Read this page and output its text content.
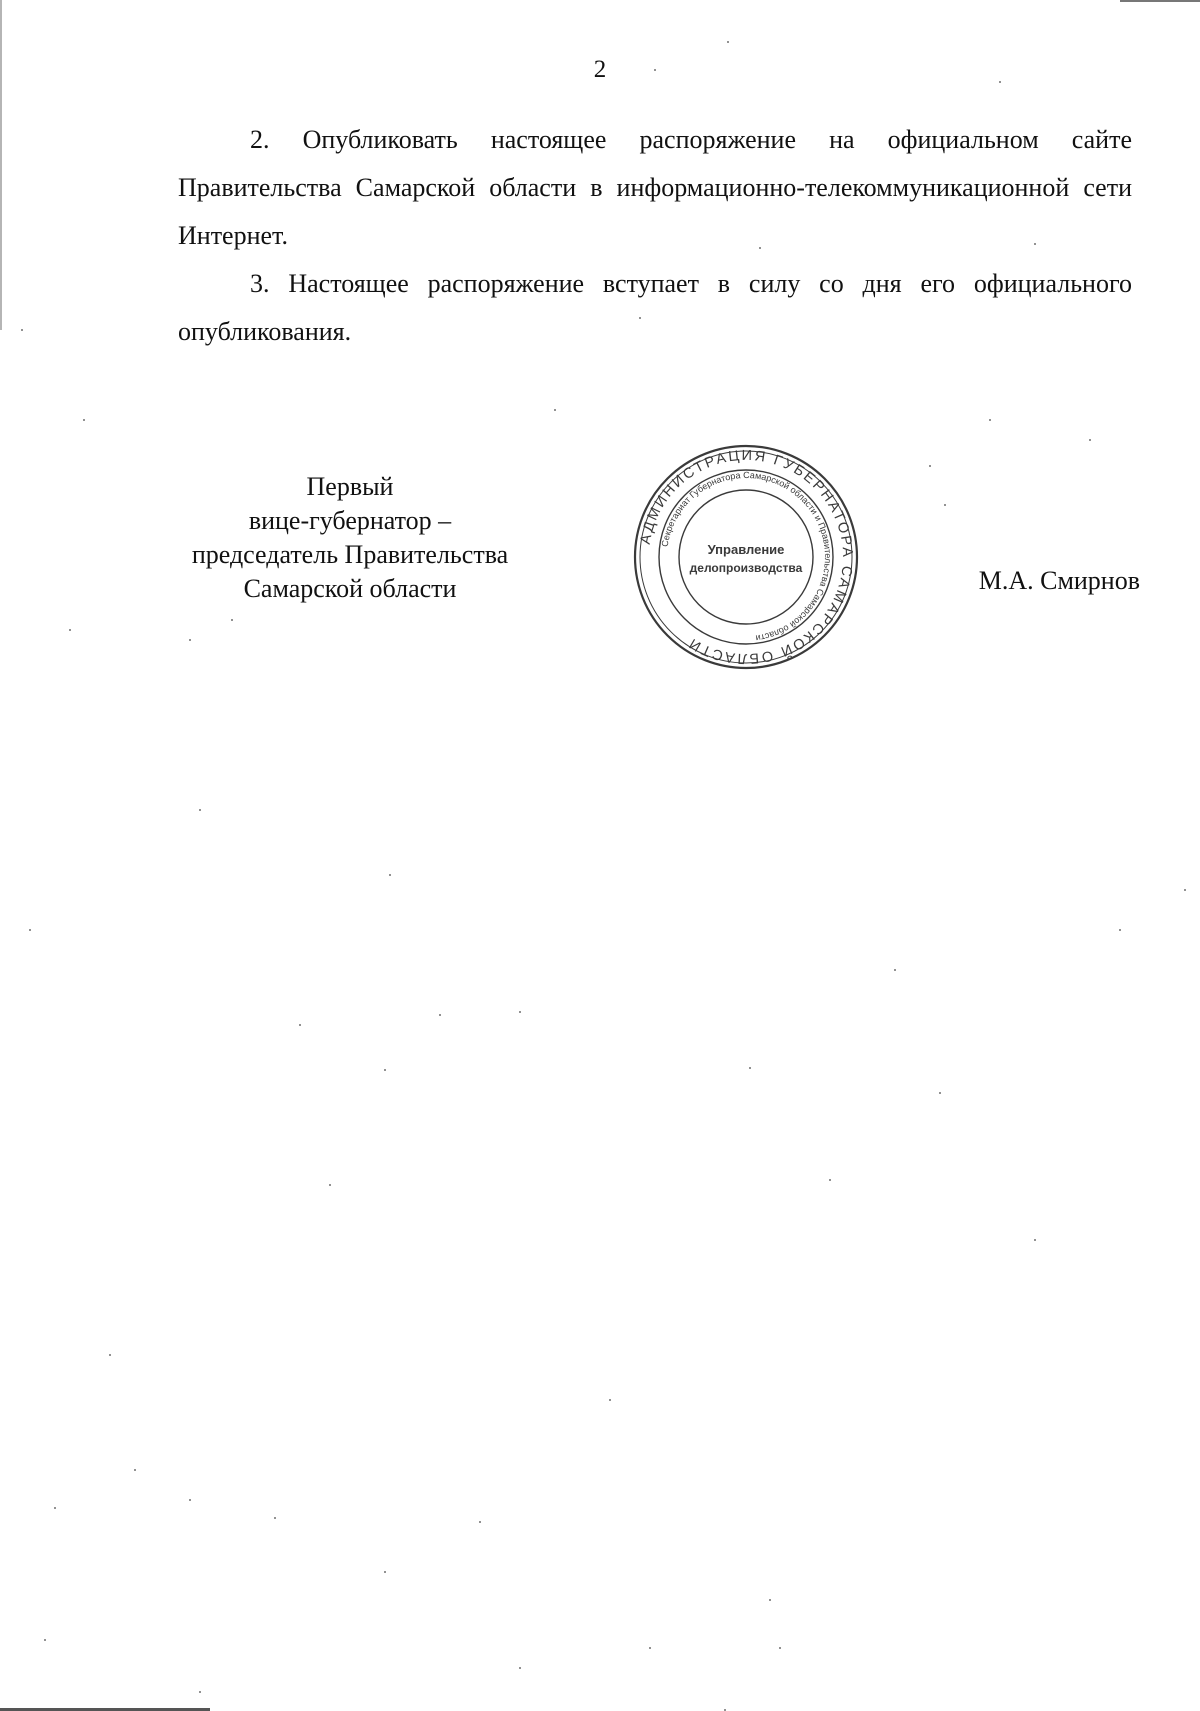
2

2. Опубликовать настоящее распоряжение на официальном сайте Правительства Самарской области в информационно-телекоммуникационной сети Интернет.

3. Настоящее распоряжение вступает в силу со дня его официального опубликования.

Первый
вице-губернатор –
председатель Правительства
Самарской области
АДМИНИСТРАЦИЯ ГУБЕРНАТОРА САМАРСКОЙ ОБЛАСТИ
Секретариат Губернатора Самарской области и Правительства Самарской области
Управление
делопроизводства	М.А. Смирнов
